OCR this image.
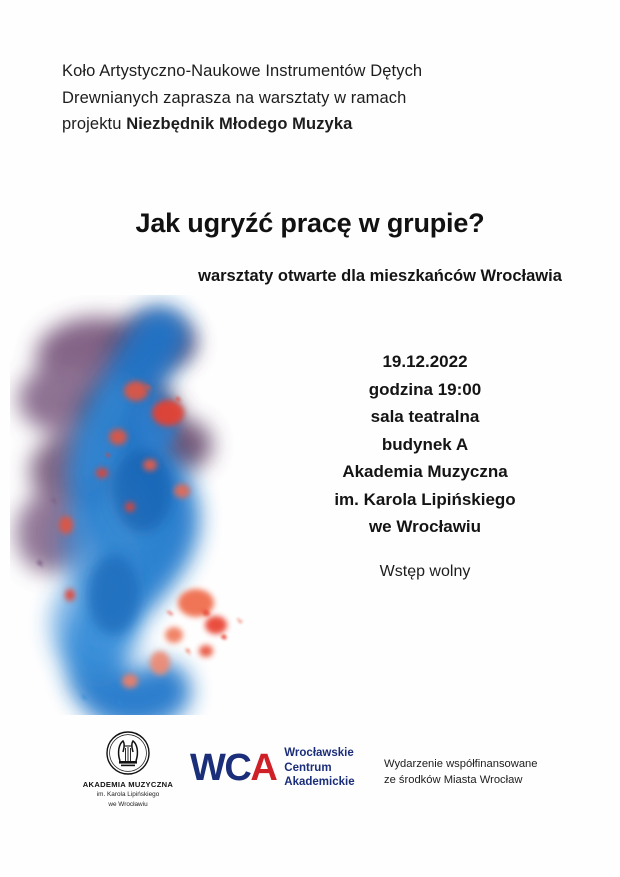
Koło Artystyczno-Naukowe Instrumentów Dętych
Drewnianych zaprasza na warsztaty w ramach
projektu Niezbędnik Młodego Muzyka
Jak ugryźć pracę w grupie?
warsztaty otwarte dla mieszkańców Wrocławia
19.12.2022
godzina 19:00
sala teatralna
budynek A
Akademia Muzyczna
im. Karola Lipińskiego
we Wrocławiu
Wstęp wolny
AKADEMIA MUZYCZNA
im. Karola Lipińskiego
we Wrocławiu
WCA Wrocławskie
Centrum
Akademickie
Wydarzenie współfinansowane
ze środków Miasta Wrocław
